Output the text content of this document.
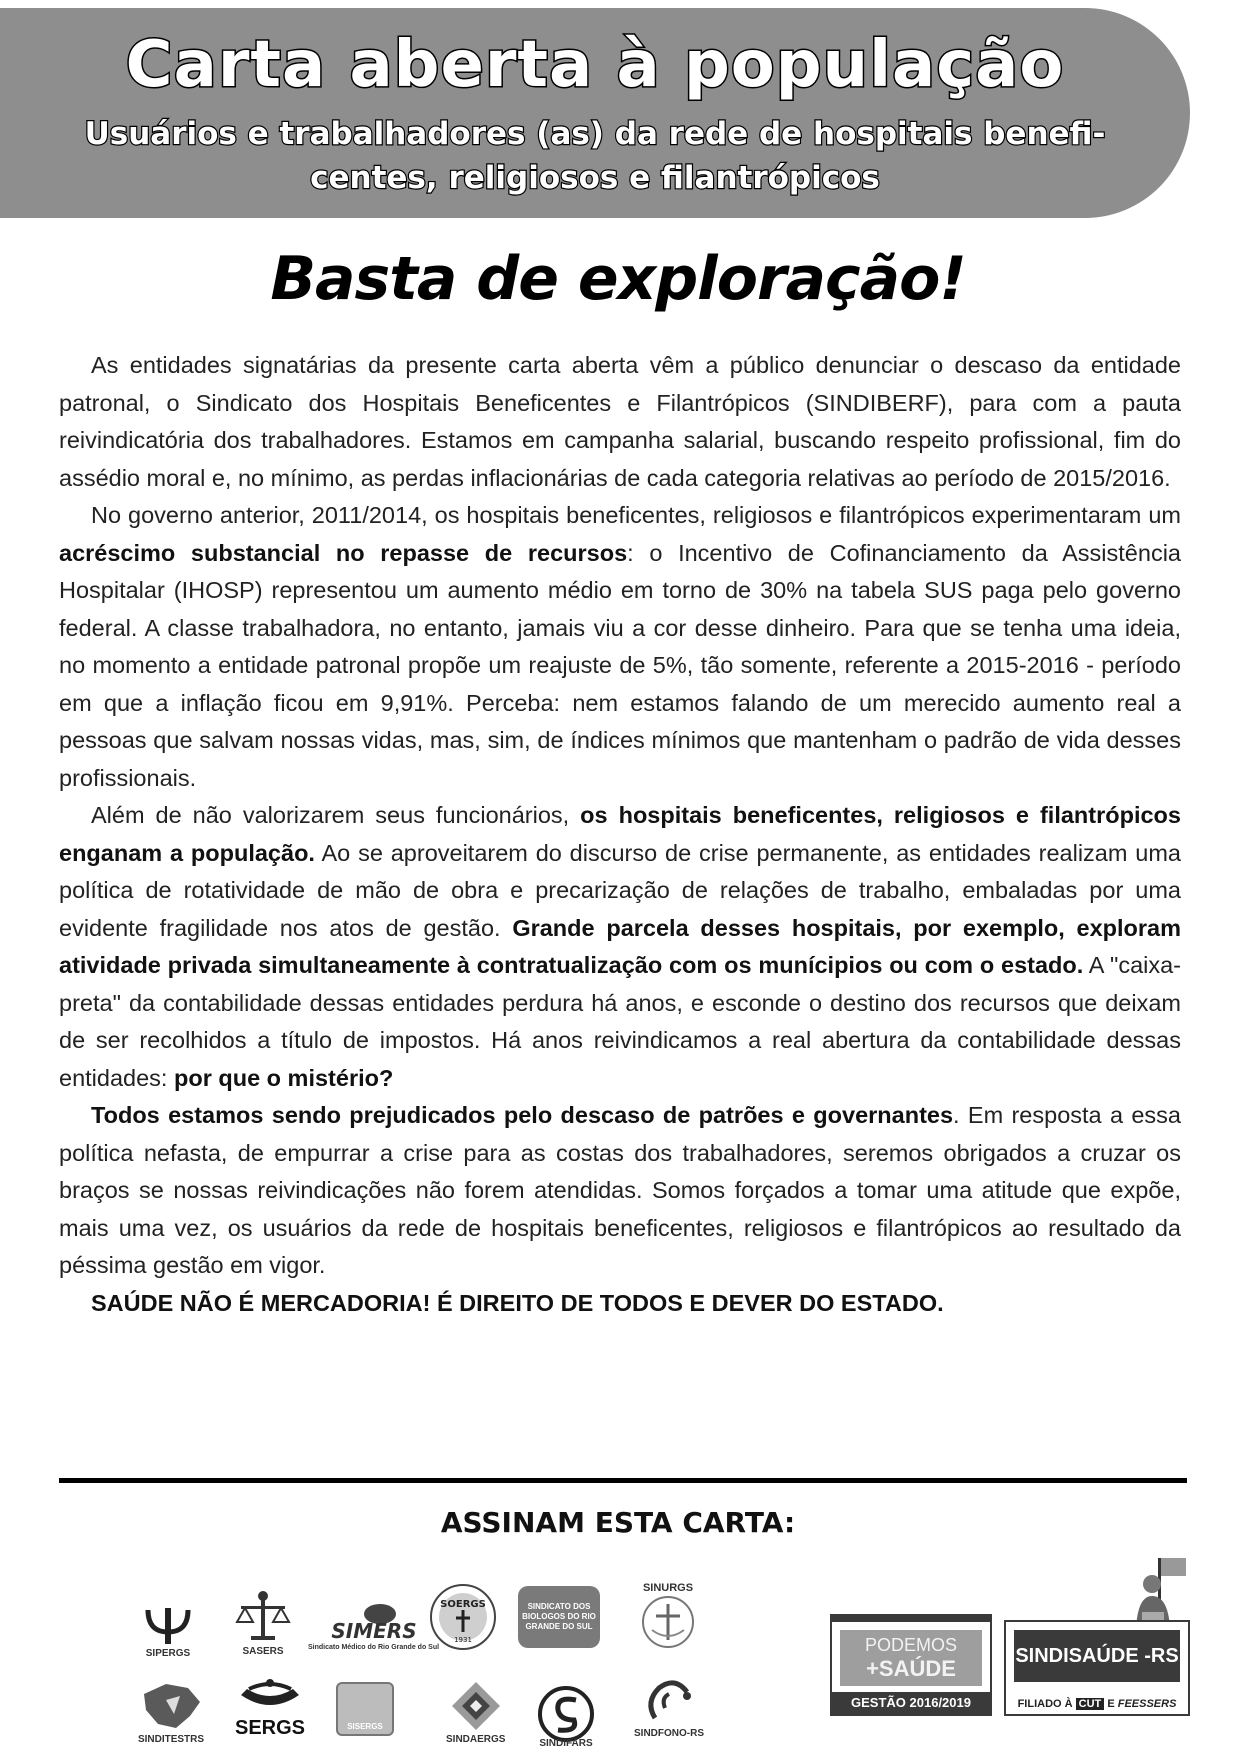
Carta aberta à população
Usuários e trabalhadores (as) da rede de hospitais benefi-
centes, religiosos e filantrópicos
Basta de exploração!

As entidades signatárias da presente carta aberta vêm a público denunciar o descaso da entidade patronal, o Sindicato dos Hospitais Beneficentes e Filantrópicos (SINDIBERF), para com a pauta reivindicatória dos trabalhadores. Estamos em campanha salarial, buscando respeito profissional, fim do assédio moral e, no mínimo, as perdas inflacionárias de cada categoria relativas ao período de 2015/2016.

No governo anterior, 2011/2014, os hospitais beneficentes, religiosos e filantrópicos experimentaram um acréscimo substancial no repasse de recursos: o Incentivo de Cofinanciamento da Assistência Hospitalar (IHOSP) representou um aumento médio em torno de 30% na tabela SUS paga pelo governo federal. A classe trabalhadora, no entanto, jamais viu a cor desse dinheiro. Para que se tenha uma ideia, no momento a entidade patronal propõe um reajuste de 5%, tão somente, referente a 2015-2016 - período em que a inflação ficou em 9,91%. Perceba: nem estamos falando de um merecido aumento real a pessoas que salvam nossas vidas, mas, sim, de índices mínimos que mantenham o padrão de vida desses profissionais.

Além de não valorizarem seus funcionários, os hospitais beneficentes, religiosos e filantrópicos enganam a população. Ao se aproveitarem do discurso de crise permanente, as entidades realizam uma política de rotatividade de mão de obra e precarização de relações de trabalho, embaladas por uma evidente fragilidade nos atos de gestão. Grande parcela desses hospitais, por exemplo, exploram atividade privada simultaneamente à contratualização com os munícipios ou com o estado. A "caixa-preta" da contabilidade dessas entidades perdura há anos, e esconde o destino dos recursos que deixam de ser recolhidos a título de impostos. Há anos reivindicamos a real abertura da contabilidade dessas entidades: por que o mistério?

Todos estamos sendo prejudicados pelo descaso de patrões e governantes. Em resposta a essa política nefasta, de empurrar a crise para as costas dos trabalhadores, seremos obrigados a cruzar os braços se nossas reivindicações não forem atendidas. Somos forçados a tomar uma atitude que expõe, mais uma vez, os usuários da rede de hospitais beneficentes, religiosos e filantrópicos ao resultado da péssima gestão em vigor.

SAÚDE NÃO É MERCADORIA! É DIREITO DE TODOS E DEVER DO ESTADO.

ASSINAM ESTA CARTA:
SIPERGS	SASERS
SIMERS
Sindicato Médico do Rio Grande do Sul
SOERGS
1931
SINDICATO DOS BIOLOGOS DO RIO GRANDE DO SUL
SINURGS
SINDITESTRS
SERGS	SISERGS
SINDAERGS	SINDIFARS
SINDFONO-RS
PODEMOS
+SAÚDE
GESTÃO 2016/2019
SINDISAÚDE -RS
FILIADO À CUT E FEESSERS
